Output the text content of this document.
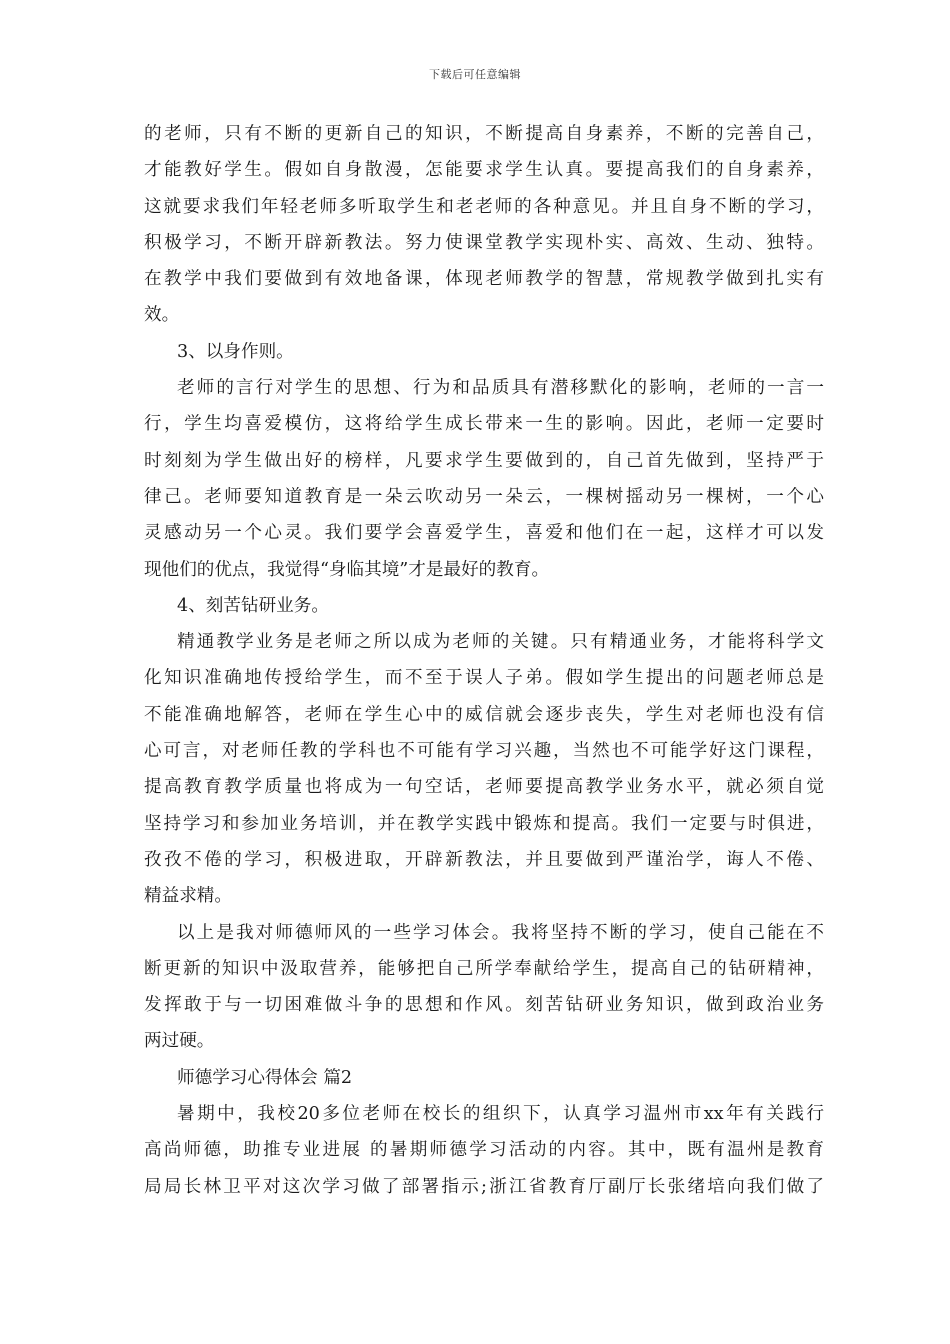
下载后可任意编辑
的老师，只有不断的更新自己的知识，不断提高自身素养，不断的完善自己，
才能教好学生。假如自身散漫，怎能要求学生认真。要提高我们的自身素养，
这就要求我们年轻老师多听取学生和老老师的各种意见。并且自身不断的学习，
积极学习，不断开辟新教法。努力使课堂教学实现朴实、高效、生动、独特。
在教学中我们要做到有效地备课，体现老师教学的智慧，常规教学做到扎实有
效。
3、以身作则。
老师的言行对学生的思想、行为和品质具有潜移默化的影响，老师的一言一
行，学生均喜爱模仿，这将给学生成长带来一生的影响。因此，老师一定要时
时刻刻为学生做出好的榜样，凡要求学生要做到的，自己首先做到，坚持严于
律己。老师要知道教育是一朵云吹动另一朵云，一棵树摇动另一棵树，一个心
灵感动另一个心灵。我们要学会喜爱学生，喜爱和他们在一起，这样才可以发
现他们的优点，我觉得“身临其境”才是最好的教育。
4、刻苦钻研业务。
精通教学业务是老师之所以成为老师的关键。只有精通业务，才能将科学文
化知识准确地传授给学生，而不至于误人子弟。假如学生提出的问题老师总是
不能准确地解答，老师在学生心中的威信就会逐步丧失，学生对老师也没有信
心可言，对老师任教的学科也不可能有学习兴趣，当然也不可能学好这门课程，
提高教育教学质量也将成为一句空话，老师要提高教学业务水平，就必须自觉
坚持学习和参加业务培训，并在教学实践中锻炼和提高。我们一定要与时俱进，
孜孜不倦的学习，积极进取，开辟新教法，并且要做到严谨治学，诲人不倦、
精益求精。
以上是我对师德师风的一些学习体会。我将坚持不断的学习，使自己能在不
断更新的知识中汲取营养，能够把自己所学奉献给学生，提高自己的钻研精神，
发挥敢于与一切困难做斗争的思想和作风。刻苦钻研业务知识，做到政治业务
两过硬。
师德学习心得体会 篇2
暑期中，我校20多位老师在校长的组织下，认真学习温州市xx年有关践行
高尚师德，助推专业进展 的暑期师德学习活动的内容。其中，既有温州是教育
局局长林卫平对这次学习做了部署指示;浙江省教育厅副厅长张绪培向我们做了
